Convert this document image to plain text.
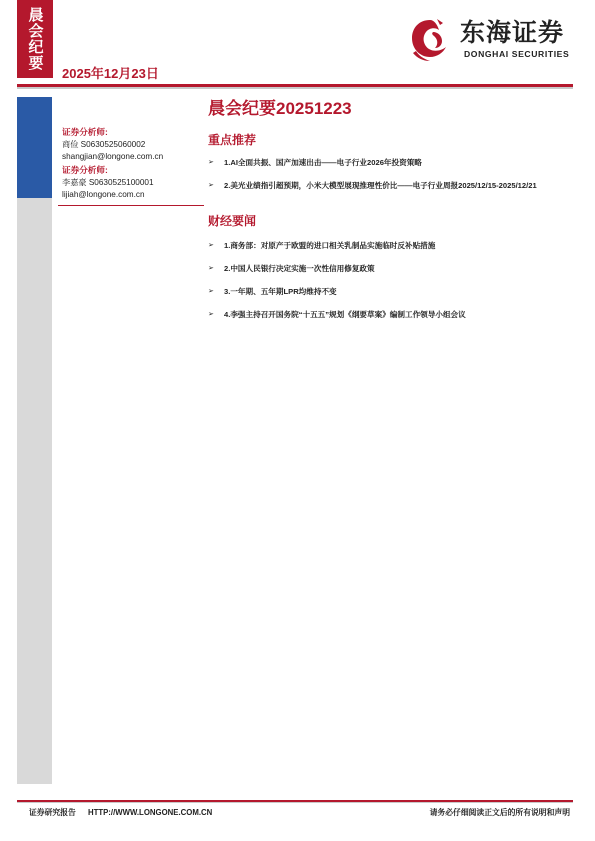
晨会纪要
2025年12月23日
东海证券
DONGHAI SECURITIES
证券分析师:
商俭 S0630525060002
shangjian@longone.com.cn
证券分析师:
李嘉豪 S0630525100001
lijiah@longone.com.cn
晨会纪要20251223
重点推荐
➢	1.AI全面共振、国产加速出击——电子行业2026年投资策略
➢	2.美光业绩指引超预期，小米大模型展现推理性价比——电子行业周报2025/12/15-2025/12/21
财经要闻
➢	1.商务部：对原产于欧盟的进口相关乳制品实施临时反补贴措施
➢	2.中国人民银行决定实施一次性信用修复政策
➢	3.一年期、五年期LPR均维持不变
➢	4.李强主持召开国务院“十五五”规划《纲要草案》编制工作领导小组会议
证券研究报告 HTTP://WWW.LONGONE.COM.CN	请务必仔细阅读正文后的所有说明和声明
